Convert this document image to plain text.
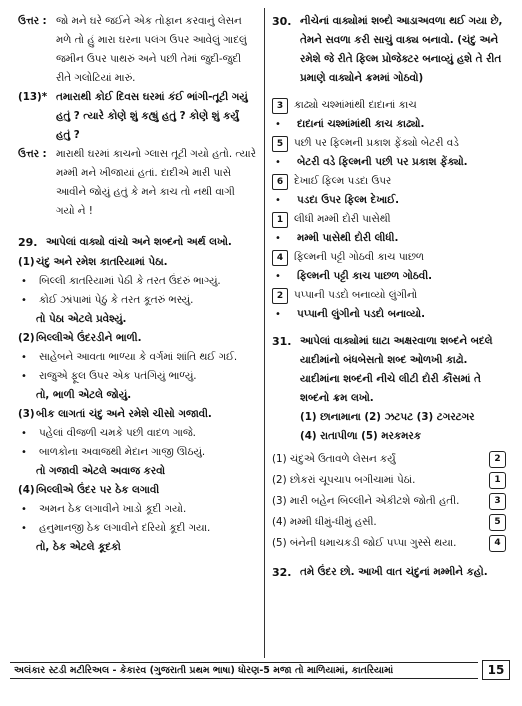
ઉત્તર : જો મને ઘરે જઈને એક તોફાન કરવાનું લેસન મળે તો હું મારા ઘરના પલંગ ઉપર આવેલું ગાદલું જમીન ઉપર પાથરું અને પછી તેમાં જુદી-જુદી રીતે ગલોટિયાં મારું.
(13)* તમારાથી કોઈ દિવસ ઘરમાં કંઈ ભાંગી-તૂટી ગયું હતું ? ત્યારે કોણે શું કહ્યું હતું ? કોણે શું કર્યું હતું ?
ઉત્તર : મારાથી ઘરમાં કાચનો ગ્લાસ તૂટી ગયો હતો. ત્યારે મમ્મી મને ખીજાયાં હતાં. દાદીએ મારી પાસે આવીને જોયું હતું કે મને કાચ તો નથી વાગી ગયો ને !
29. આપેલાં વાક્યો વાંચો અને શબ્દનો અર્થ લખો.
(1) ચંદુ અને રમેશ કાતરિયામાં પેઠા.
•	બિલ્લી કાતરિયામાં પેઠી કે તરત ઉંદરું ભાગ્યું.
•	કોઈ ઝાંપામાં પેઠું કે તરત કૂતરું ભસ્યું.
તો પેઠા એટલે પ્રવેશ્યું.
(2) બિલ્લીએ ઉંદરડીને ભાળી.
•	સાહેબને આવતા ભાળ્યા કે વર્ગમાં શાંતિ થઈ ગઈ.
•	રાજુએ ફૂલ ઉપર એક પતંગિયું ભાળ્યું.
તો, ભાળી એટલે જોયું.
(3) બીક લાગતાં ચંદુ અને રમેશે ચીસો ગજાવી.
•	પહેલાં વીજળી ચમકે પછી વાદળ ગાજે.
•	બાળકોના અવાજથી મેદાન ગાજી ઊઠયું.
તો ગજાવી એટલે અવાજ કરવો
(4) બિલ્લીએ ઉંદર પર ઠેક લગાવી
•	અમન ઠેક લગાવીને ખાડો કૂદી ગયો.
•	હનુમાનજી ઠેક લગાવીને દરિયો કૂદી ગયા.
તો, ઠેક એટલે કૂદકો
30. નીચેનાં વાક્યોમાં શબ્દો આડાઅવળા થઈ ગયા છે, તેમને સવળા કરી સાચું વાક્ય બનાવો. (ચંદુ અને રમેશે જે રીતે ફિલ્મ પ્રોજેક્ટર બનાવ્યું હશે તે રીત પ્રમાણે વાક્યોને ક્રમમાં ગોઠવો)
3	કાઢ્યો ચશ્માંમાંથી દાદાનાં કાચ
•	દાદાનાં ચશ્માંમાંથી કાચ કાઢ્યો.
5	પછી પર ફિલ્મની પ્રકાશ ફેંક્યો બેટરી વડે
•	બેટરી વડે ફિલ્મની પછી પર પ્રકાશ ફેંક્યો.
6	દેખાઈ ફિલ્મ પડદા ઉપર
•	પડદા ઉપર ફિલ્મ દેખાઈ.
1	લીધી મમ્મી દોરી પાસેથી
•	મમ્મી પાસેથી દોરી લીધી.
4	ફિલ્મની પટ્ટી ગોઠવી કાચ પાછળ
•	ફિલ્મની પટ્ટી કાચ પાછળ ગોઠવી.
2	પપ્પાની પડદો બનાવ્યો લુંગીનો
•	પપ્પાની લુંગીનો પડદો બનાવ્યો.
31. આપેલાં વાક્યોમાં ઘાટા અક્ષરવાળા શબ્દને બદલે યાદીમાંનો બંધબેસતો શબ્દ ઓળખી કાઢો. યાદીમાંના શબ્દની નીચે લીટી દોરી કૌંસમાં તે શબ્દનો ક્રમ લખો.
(1) છાનામાના (2) ઝટપટ (3) ટગરટગર
(4) રાતાપીળા (5) મરકમરક
(1) ચંદુએ ઉતાવળે લેસન કર્યું	2
(2) છોકરાં ચૂપચાપ બગીચામાં પેઠાં.	1
(3) મારી બહેન બિલ્લીને એકીટશે જોતી હતી.	3
(4) મમ્મી ધીમું-ધીમું હસી.	5
(5) બંનેની ધમાચકડી જોઈ પપ્પા ગુસ્સે થયા.	4
32. તમે ઉંદર છો. આખી વાત ચંદુનાં મમ્મીને કહો.
અલંકાર સ્ટડી મટીરિઅલ - કેકારવ (ગુજરાતી પ્રથમ ભાષા) ધોરણ-5 મજા તો માળિયામાં, કાતરિયામાં	15
